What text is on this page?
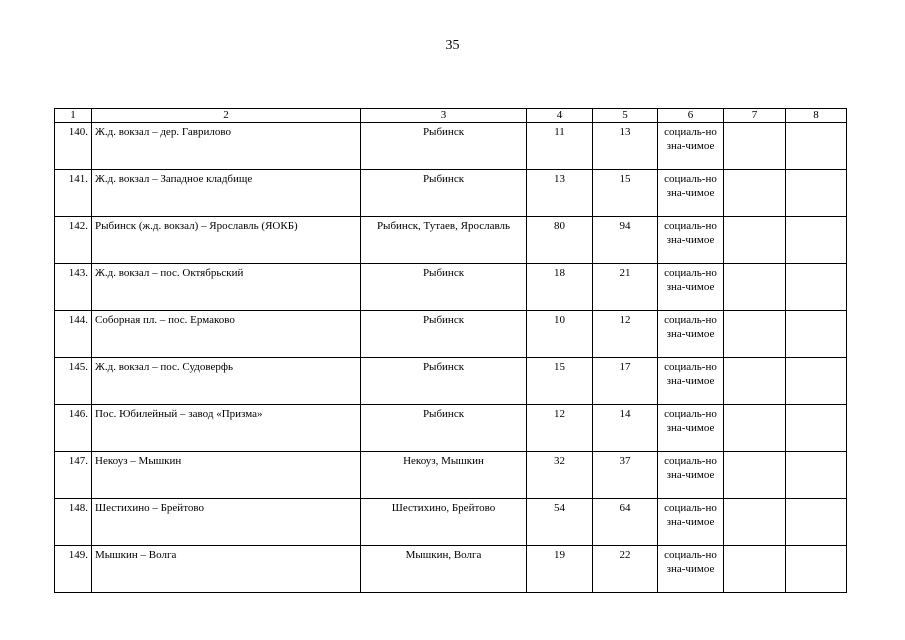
35
1	2	3	4	5	6	7	8
140.	Ж.д. вокзал – дер. Гаврилово	Рыбинск	11	13	социаль-но зна-чимое		
141.	Ж.д. вокзал – Западное кладбище	Рыбинск	13	15	социаль-но зна-чимое		
142.	Рыбинск (ж.д. вокзал) – Ярославль (ЯОКБ)	Рыбинск, Тутаев, Ярославль	80	94	социаль-но зна-чимое		
143.	Ж.д. вокзал – пос. Октябрьский	Рыбинск	18	21	социаль-но зна-чимое		
144.	Соборная пл. – пос. Ермаково	Рыбинск	10	12	социаль-но зна-чимое		
145.	Ж.д. вокзал – пос. Судоверфь	Рыбинск	15	17	социаль-но зна-чимое		
146.	Пос. Юбилейный – завод «Призма»	Рыбинск	12	14	социаль-но зна-чимое		
147.	Некоуз – Мышкин	Некоуз, Мышкин	32	37	социаль-но зна-чимое		
148.	Шестихино – Брейтово	Шестихино, Брейтово	54	64	социаль-но зна-чимое		
149.	Мышкин – Волга	Мышкин, Волга	19	22	социаль-но зна-чимое		
